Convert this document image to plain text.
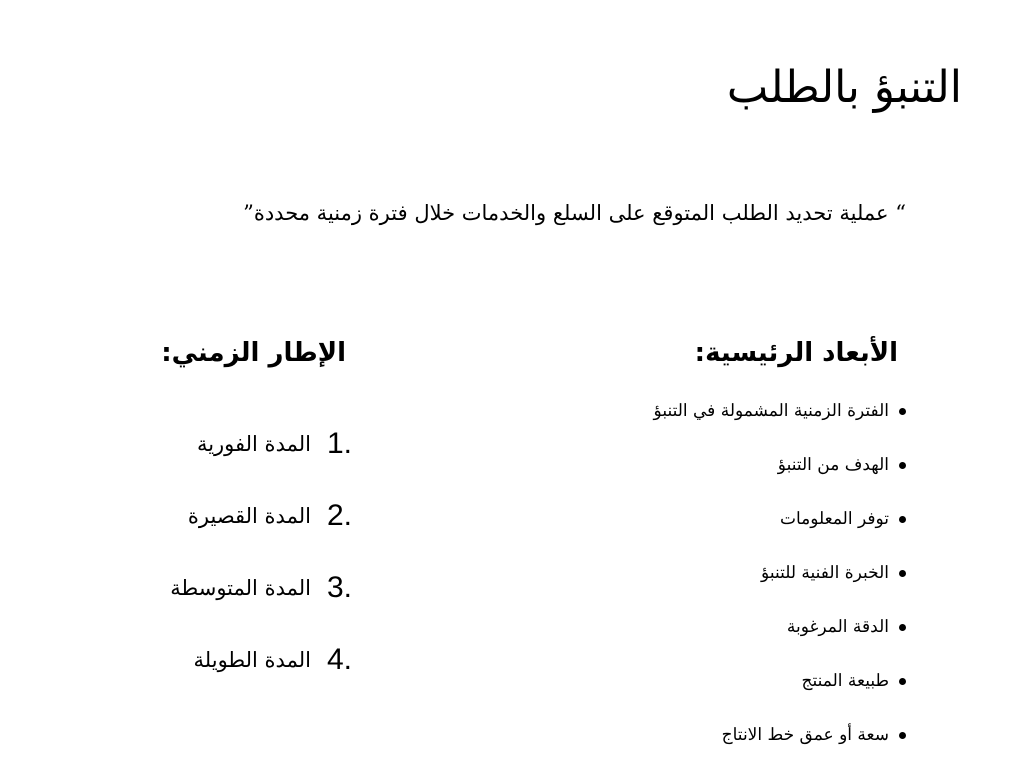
التنبؤ بالطلب
“ عملية تحديد الطلب المتوقع على السلع والخدمات خلال فترة زمنية محددة”
الأبعاد الرئيسية:
الفترة الزمنية المشمولة في التنبؤ
الهدف من التنبؤ
توفر المعلومات
الخبرة الفنية للتنبؤ
الدقة المرغوبة
طبيعة المنتج
سعة أو عمق خط الانتاج
الإطار الزمني:
1.
المدة الفورية
2.
المدة القصيرة
3.
المدة المتوسطة
4.
المدة الطويلة
